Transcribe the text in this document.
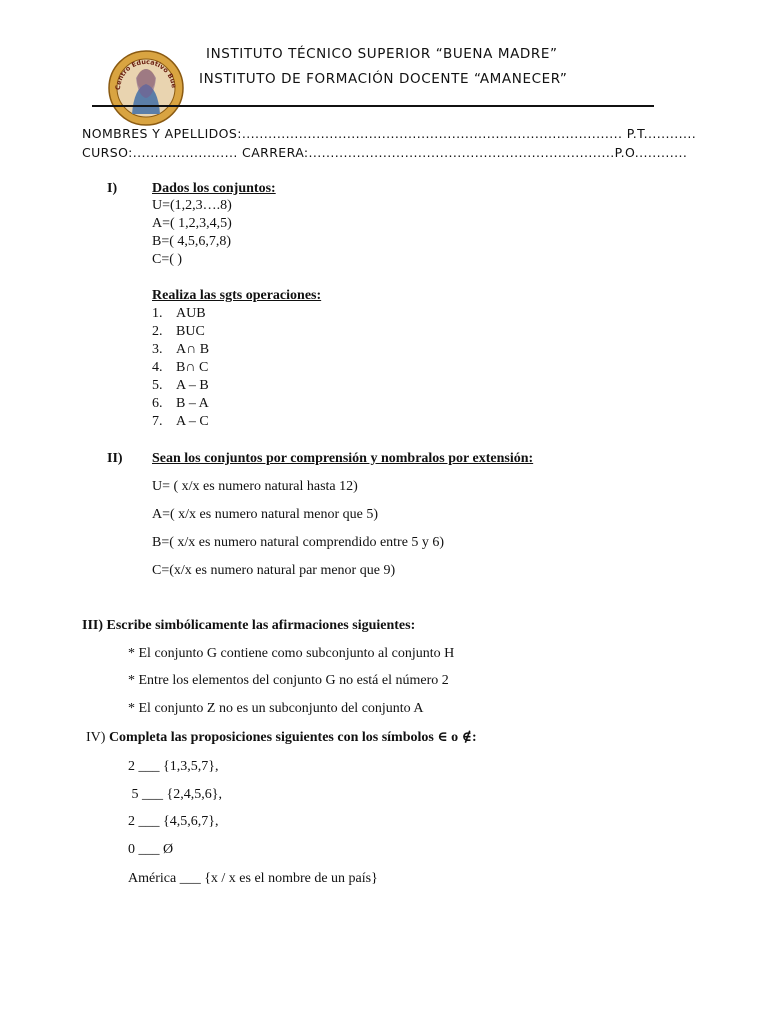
Centro Educativo Bue
INSTITUTO TÉCNICO SUPERIOR “BUENA MADRE”
INSTITUTO DE FORMACIÓN DOCENTE “AMANECER”
NOMBRES Y APELLIDOS:....................................................................................... P.T............
CURSO:........................ CARRERA:......................................................................P.O............
I) Dados los conjuntos:
U=(1,2,3….8)
A=( 1,2,3,4,5)
B=( 4,5,6,7,8)
C=( )
Realiza las sgts operaciones:
1. AUB
2. BUC
3. A∩ B
4. B∩ C
5. A – B
6. B – A
7. A – C
II) Sean los conjuntos por comprensión y nombralos por extensión:
U= ( x/x es numero natural hasta 12)
A=( x/x es numero natural menor que 5)
B=( x/x es numero natural comprendido entre 5 y 6)
C=(x/x es numero natural par menor que 9)
III) Escribe simbólicamente las afirmaciones siguientes:
* El conjunto G contiene como subconjunto al conjunto H
* Entre los elementos del conjunto G no está el número 2
* El conjunto Z no es un subconjunto del conjunto A
IV) Completa las proposiciones siguientes con los símbolos ∈ o ∉:
2 ___ {1,3,5,7},
5 ___ {2,4,5,6},
2 ___ {4,5,6,7},
0 ___ Ø
América ___ {x / x es el nombre de un país}
